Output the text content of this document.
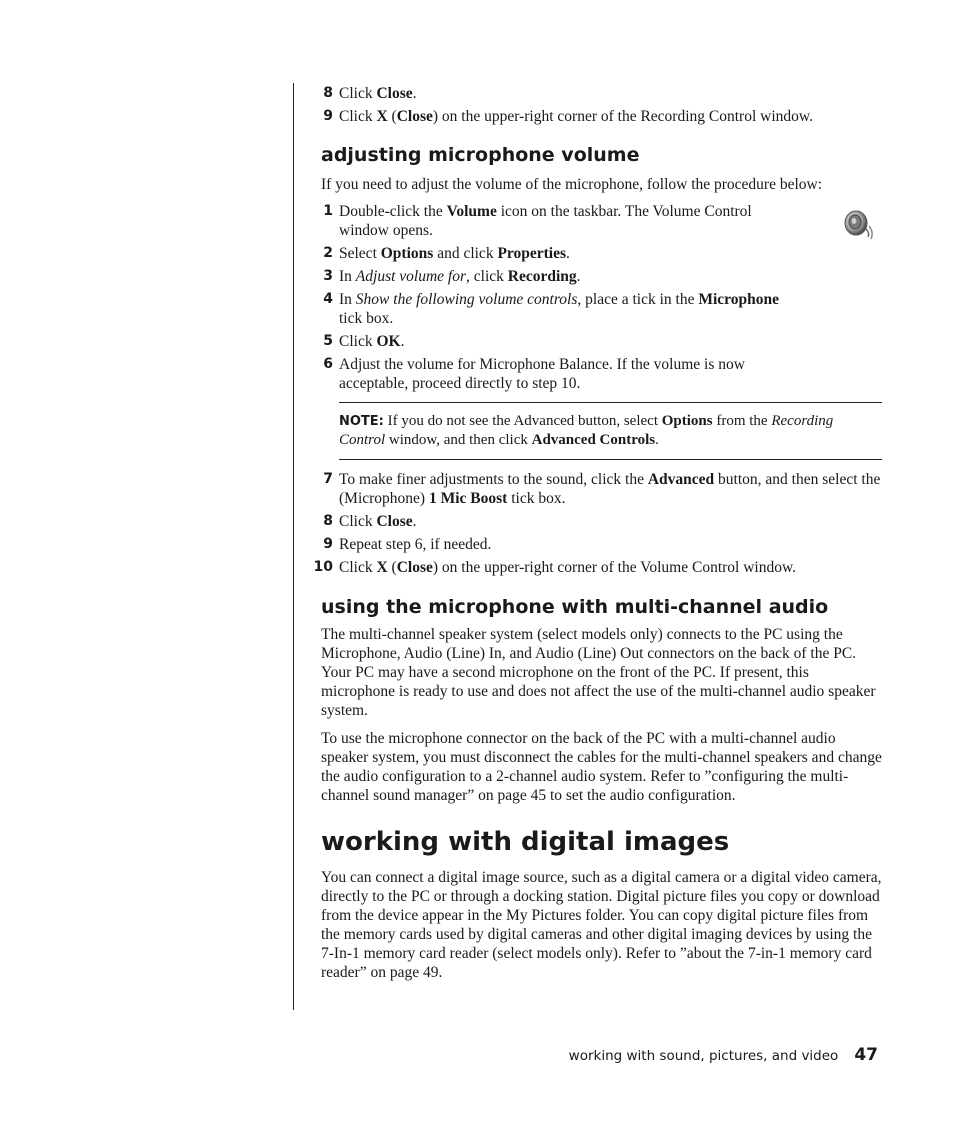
8 Click Close.
9 Click X (Close) on the upper-right corner of the Recording Control window.
adjusting microphone volume

If you need to adjust the volume of the microphone, follow the procedure below:

1 Double-click the Volume icon on the taskbar. The Volume Control window opens.
2 Select Options and click Properties.
3 In Adjust volume for, click Recording.
4 In Show the following volume controls, place a tick in the Microphone tick box.
5 Click OK.
6 Adjust the volume for Microphone Balance. If the volume is now acceptable, proceed directly to step 10.
NOTE: If you do not see the Advanced button, select Options from the Recording Control window, and then click Advanced Controls.
7 To make finer adjustments to the sound, click the Advanced button, and then select the (Microphone) 1 Mic Boost tick box.
8 Click Close.
9 Repeat step 6, if needed.
10 Click X (Close) on the upper-right corner of the Volume Control window.
using the microphone with multi-channel audio

The multi-channel speaker system (select models only) connects to the PC using the Microphone, Audio (Line) In, and Audio (Line) Out connectors on the back of the PC. Your PC may have a second microphone on the front of the PC. If present, this microphone is ready to use and does not affect the use of the multi-channel audio speaker system.

To use the microphone connector on the back of the PC with a multi-channel audio speaker system, you must disconnect the cables for the multi-channel speakers and change the audio configuration to a 2-channel audio system. Refer to ”configuring the multi-channel sound manager” on page 45 to set the audio configuration.

working with digital images

You can connect a digital image source, such as a digital camera or a digital video camera, directly to the PC or through a docking station. Digital picture files you copy or download from the device appear in the My Pictures folder. You can copy digital picture files from the memory cards used by digital cameras and other digital imaging devices by using the 7-In-1 memory card reader (select models only). Refer to ”about the 7-in-1 memory card reader” on page 49.

working with sound, pictures, and video 47
